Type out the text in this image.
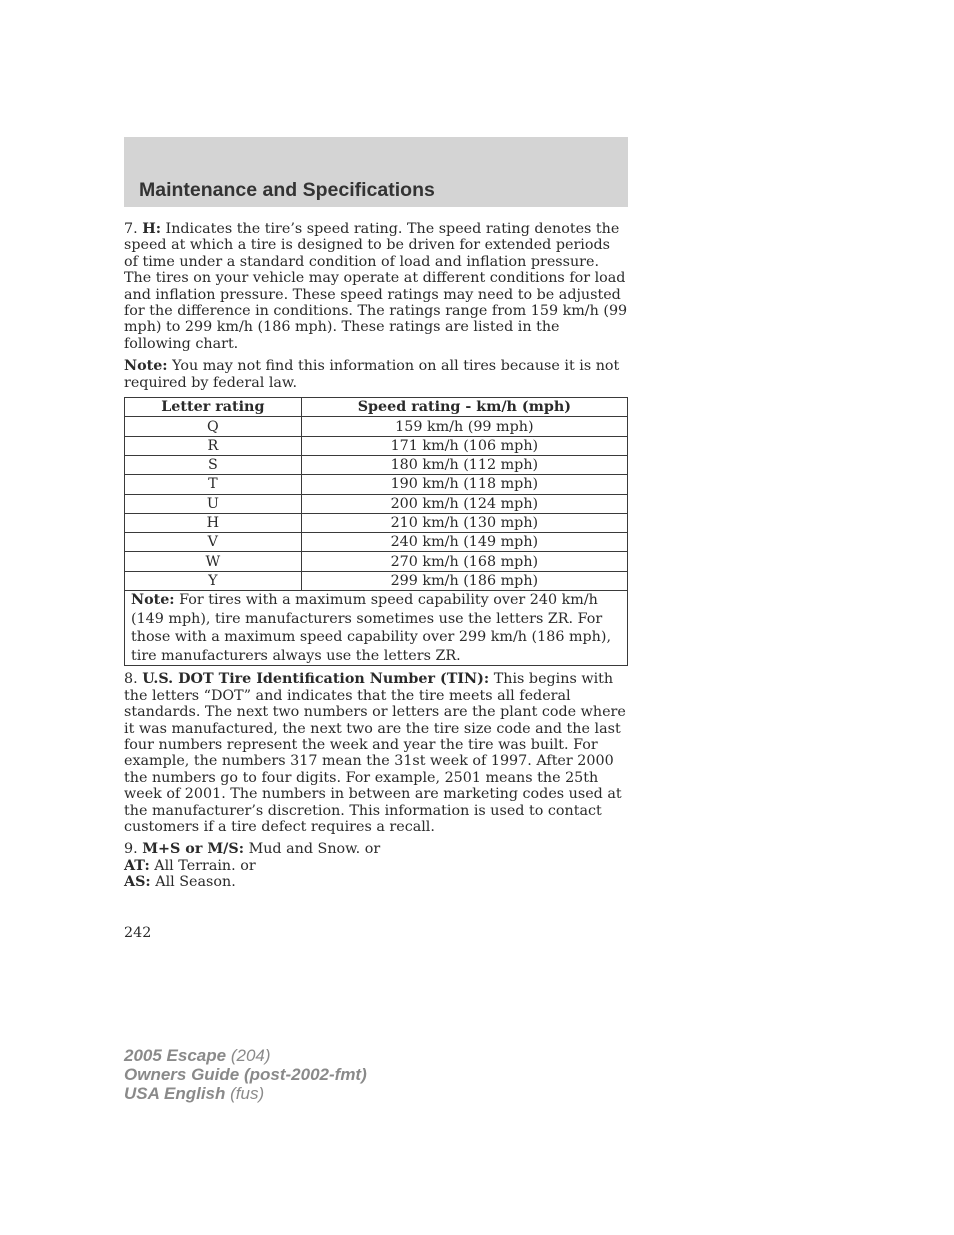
Maintenance and Specifications

7. H: Indicates the tire’s speed rating. The speed rating denotes the speed at which a tire is designed to be driven for extended periods of time under a standard condition of load and inflation pressure. The tires on your vehicle may operate at different conditions for load and inflation pressure. These speed ratings may need to be adjusted for the difference in conditions. The ratings range from 159 km/h (99 mph) to 299 km/h (186 mph). These ratings are listed in the following chart.

Note: You may not find this information on all tires because it is not required by federal law.

Letter rating	Speed rating - km/h (mph)
Q	159 km/h (99 mph)
R	171 km/h (106 mph)
S	180 km/h (112 mph)
T	190 km/h (118 mph)
U	200 km/h (124 mph)
H	210 km/h (130 mph)
V	240 km/h (149 mph)
W	270 km/h (168 mph)
Y	299 km/h (186 mph)
Note: For tires with a maximum speed capability over 240 km/h (149 mph), tire manufacturers sometimes use the letters ZR. For those with a maximum speed capability over 299 km/h (186 mph), tire manufacturers always use the letters ZR.	

8. U.S. DOT Tire Identification Number (TIN): This begins with the letters “DOT” and indicates that the tire meets all federal standards. The next two numbers or letters are the plant code where it was manufactured, the next two are the tire size code and the last four numbers represent the week and year the tire was built. For example, the numbers 317 mean the 31st week of 1997. After 2000 the numbers go to four digits. For example, 2501 means the 25th week of 2001. The numbers in between are marketing codes used at the manufacturer’s discretion. This information is used to contact customers if a tire defect requires a recall.

9. M+S or M/S: Mud and Snow. or
AT: All Terrain. or
AS: All Season.

242
2005 Escape (204)
Owners Guide (post-2002-fmt)
USA English (fus)
